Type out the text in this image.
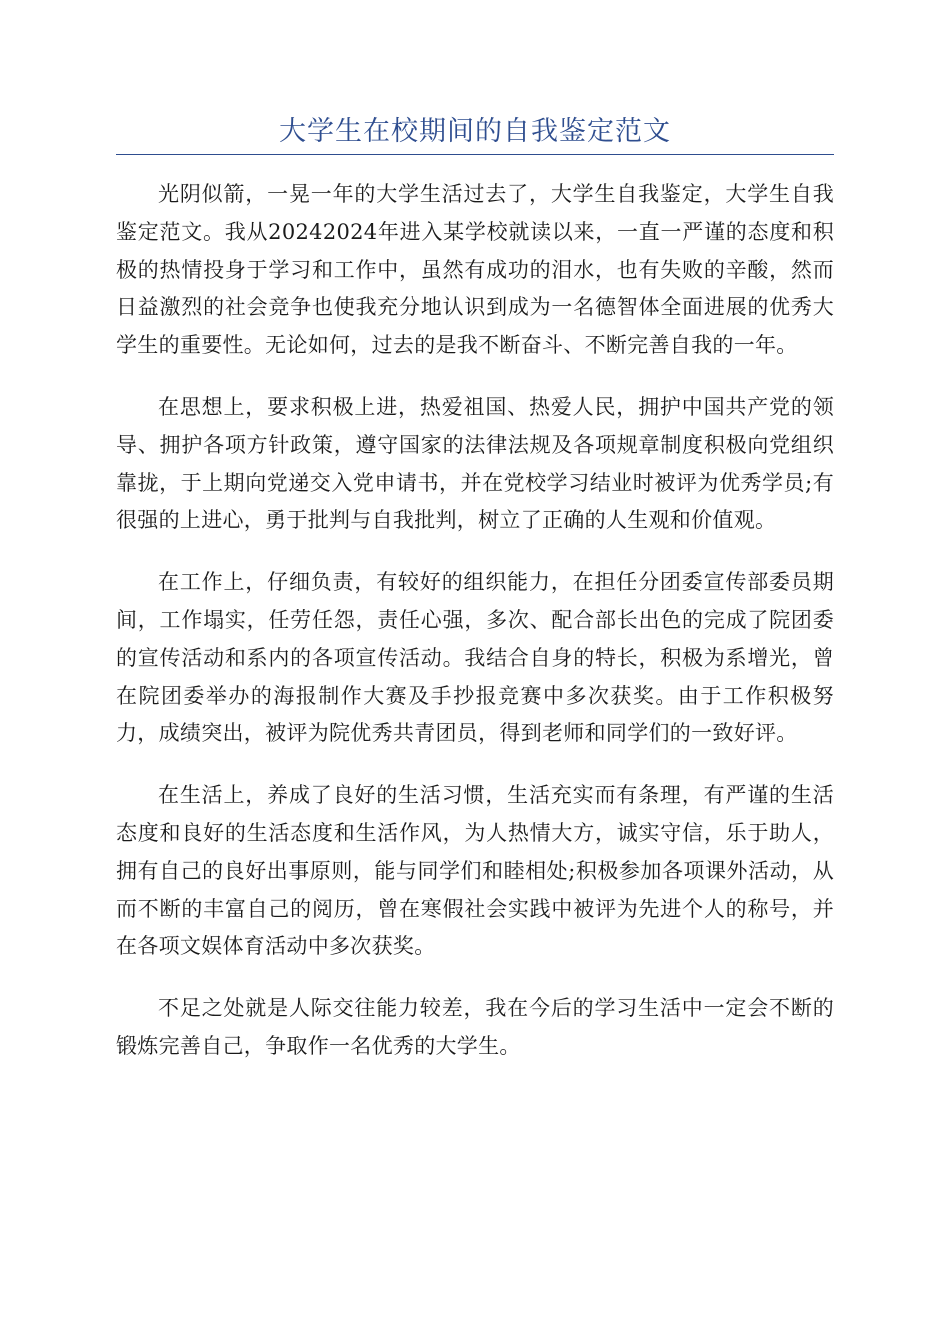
大学生在校期间的自我鉴定范文

光阴似箭，一晃一年的大学生活过去了，大学生自我鉴定，大学生自我鉴定范文。我从20242024年进入某学校就读以来，一直一严谨的态度和积极的热情投身于学习和工作中，虽然有成功的泪水，也有失败的辛酸，然而日益激烈的社会竞争也使我充分地认识到成为一名德智体全面进展的优秀大学生的重要性。无论如何，过去的是我不断奋斗、不断完善自我的一年。

在思想上，要求积极上进，热爱祖国、热爱人民，拥护中国共产党的领导、拥护各项方针政策，遵守国家的法律法规及各项规章制度积极向党组织靠拢，于上期向党递交入党申请书，并在党校学习结业时被评为优秀学员;有很强的上进心，勇于批判与自我批判，树立了正确的人生观和价值观。

在工作上，仔细负责，有较好的组织能力，在担任分团委宣传部委员期间，工作塌实，任劳任怨，责任心强，多次、配合部长出色的完成了院团委的宣传活动和系内的各项宣传活动。我结合自身的特长，积极为系增光，曾在院团委举办的海报制作大赛及手抄报竞赛中多次获奖。由于工作积极努力，成绩突出，被评为院优秀共青团员，得到老师和同学们的一致好评。

在生活上，养成了良好的生活习惯，生活充实而有条理，有严谨的生活态度和良好的生活态度和生活作风，为人热情大方，诚实守信，乐于助人，拥有自己的良好出事原则，能与同学们和睦相处;积极参加各项课外活动，从而不断的丰富自己的阅历，曾在寒假社会实践中被评为先进个人的称号，并在各项文娱体育活动中多次获奖。

不足之处就是人际交往能力较差，我在今后的学习生活中一定会不断的锻炼完善自己，争取作一名优秀的大学生。
